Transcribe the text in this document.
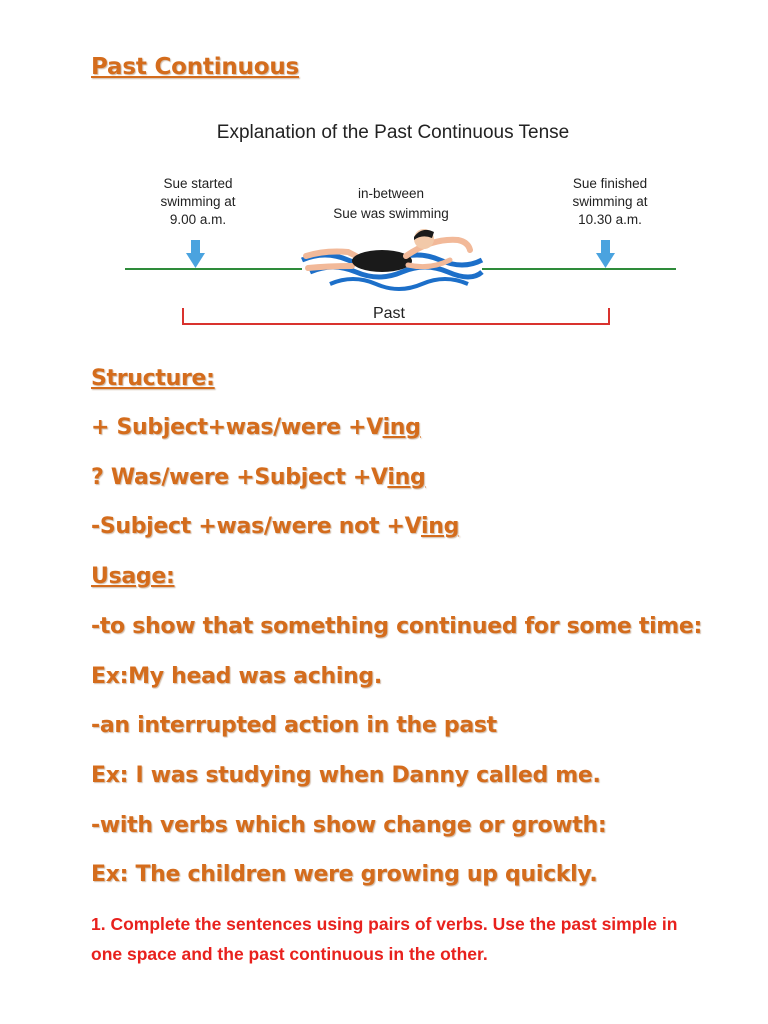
Past Continuous
Explanation of the Past Continuous Tense
Sue started
swimming at
9.00 a.m.
in-between
Sue was swimming
Sue finished
swimming at
10.30 a.m.
Past
Structure:
+ Subject+was/were +Ving
? Was/were +Subject +Ving
-Subject +was/were not +Ving
Usage:
-to show that something continued for some time:
Ex:My head was aching.
-an interrupted action in the past
Ex: I was studying when Danny called me.
-with verbs which show change or growth:
Ex: The children were growing up quickly.
1. Complete the sentences using pairs of verbs. Use the past simple in one space and the past continuous in the other.
